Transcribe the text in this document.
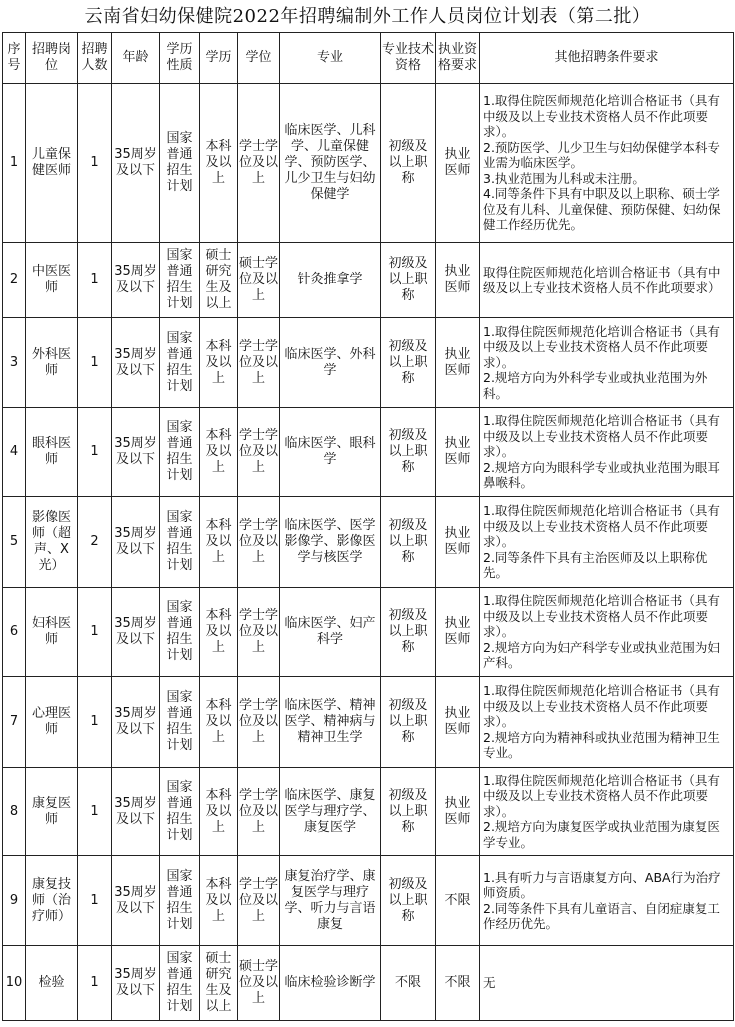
云南省妇幼保健院2022年招聘编制外工作人员岗位计划表（第二批）
序号	招聘岗位	招聘人数	年龄	学历性质	学历	学位	专业	专业技术资格	执业资格要求	其他招聘条件要求
1	儿童保健医师	1	35周岁及以下	国家普通招生计划	本科及以上	学士学位及以上	临床医学、儿科学、儿童保健学、预防医学、儿少卫生与妇幼保健学	初级及以上职称	执业医师	1.取得住院医师规范化培训合格证书（具有中级及以上专业技术资格人员不作此项要求）。
2.预防医学、儿少卫生与妇幼保健学本科专业需为临床医学。
3.执业范围为儿科或未注册。
4.同等条件下具有中职及以上职称、硕士学位及有儿科、儿童保健、预防保健、妇幼保健工作经历优先。

2	中医医师	1	35周岁及以下	国家普通招生计划	硕士研究生及以上	硕士学位及以上	针灸推拿学	初级及以上职称	执业医师	取得住院医师规范化培训合格证书（具有中级及以上专业技术资格人员不作此项要求）

3	外科医师	1	35周岁及以下	国家普通招生计划	本科及以上	学士学位及以上	临床医学、外科学	初级及以上职称	执业医师	1.取得住院医师规范化培训合格证书（具有中级及以上专业技术资格人员不作此项要求）。
2.规培方向为外科学专业或执业范围为外科。

4	眼科医师	1	35周岁及以下	国家普通招生计划	本科及以上	学士学位及以上	临床医学、眼科学	初级及以上职称	执业医师	1.取得住院医师规范化培训合格证书（具有中级及以上专业技术资格人员不作此项要求）。
2.规培方向为眼科学专业或执业范围为眼耳鼻喉科。

5	影像医师（超声、X光）	2	35周岁及以下	国家普通招生计划	本科及以上	学士学位及以上	临床医学、医学影像学、影像医学与核医学	初级及以上职称	执业医师	1.取得住院医师规范化培训合格证书（具有中级及以上专业技术资格人员不作此项要求）。
2.同等条件下具有主治医师及以上职称优先。

6	妇科医师	1	35周岁及以下	国家普通招生计划	本科及以上	学士学位及以上	临床医学、妇产科学	初级及以上职称	执业医师	1.取得住院医师规范化培训合格证书（具有中级及以上专业技术资格人员不作此项要求）。
2.规培方向为妇产科学专业或执业范围为妇产科。

7	心理医师	1	35周岁及以下	国家普通招生计划	本科及以上	学士学位及以上	临床医学、精神医学、精神病与精神卫生学	初级及以上职称	执业医师	1.取得住院医师规范化培训合格证书（具有中级及以上专业技术资格人员不作此项要求）。
2.规培方向为精神科或执业范围为精神卫生专业。

8	康复医师	1	35周岁及以下	国家普通招生计划	本科及以上	学士学位及以上	临床医学、康复医学与理疗学、康复医学	初级及以上职称	执业医师	1.取得住院医师规范化培训合格证书（具有中级及以上专业技术资格人员不作此项要求）。
2.规培方向为康复医学或执业范围为康复医学专业。

9	康复技师（治疗师）	1	35周岁及以下	国家普通招生计划	本科及以上	学士学位及以上	康复治疗学、康复医学与理疗学、听力与言语康复	初级及以上职称	不限	1.具有听力与言语康复方向、ABA行为治疗师资质。
2.同等条件下具有儿童语言、自闭症康复工作经历优先。

10	检验	1	35周岁及以下	国家普通招生计划	硕士研究生及以上	硕士学位及以上	临床检验诊断学	不限	不限	无
